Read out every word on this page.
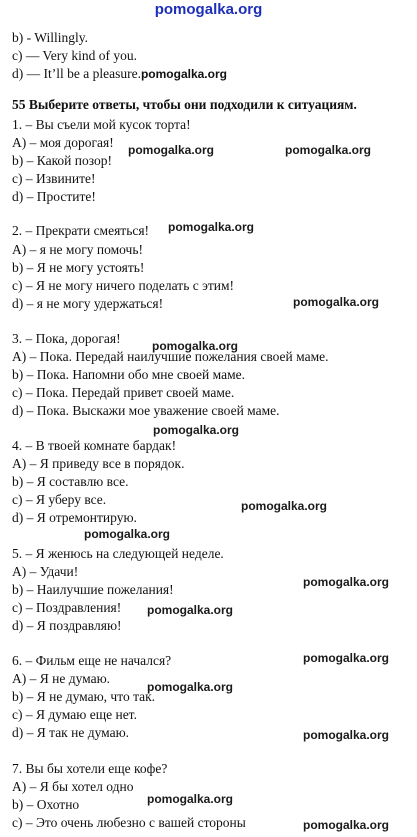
pomogalka.org
b) - Willingly.
c) — Very kind of you.
d) — It’ll be a pleasure.pomogalka.org
55 Выберите ответы, чтобы они подходили к ситуациям.
1. – Вы съели мой кусок торта!
A) – моя дорогая!
b) – Какой позор!
c) – Извините!
d) – Простите!
2. – Прекрати смеяться!
A) – я не могу помочь!
b) – Я не могу устоять!
c) – Я не могу ничего поделать с этим!
d) – я не могу удержаться!
3. – Пока, дорогая!
A) – Пока. Передай наилучшие пожелания своей маме.
b) – Пока. Напомни обо мне своей маме.
c) – Пока. Передай привет своей маме.
d) – Пока. Выскажи мое уважение своей маме.
4. – В твоей комнате бардак!
A) – Я приведу все в порядок.
b) – Я составлю все.
c) – Я уберу все.
d) – Я отремонтирую.
5. – Я женюсь на следующей неделе.
A) – Удачи!
b) – Наилучшие пожелания!
c) – Поздравления!
d) – Я поздравляю!
6. – Фильм еще не начался?
A) – Я не думаю.
b) – Я не думаю, что так.
c) – Я думаю еще нет.
d) – Я так не думаю.
7. Вы бы хотели еще кофе?
A) – Я бы хотел одно
b) – Охотно
c) – Это очень любезно с вашей стороны
pomogalka.org	pomogalka.org
pomogalka.org
pomogalka.org
pomogalka.org
pomogalka.org
pomogalka.org
pomogalka.org
pomogalka.org
pomogalka.org
pomogalka.org
pomogalka.org
pomogalka.org
pomogalka.org
pomogalka.org
